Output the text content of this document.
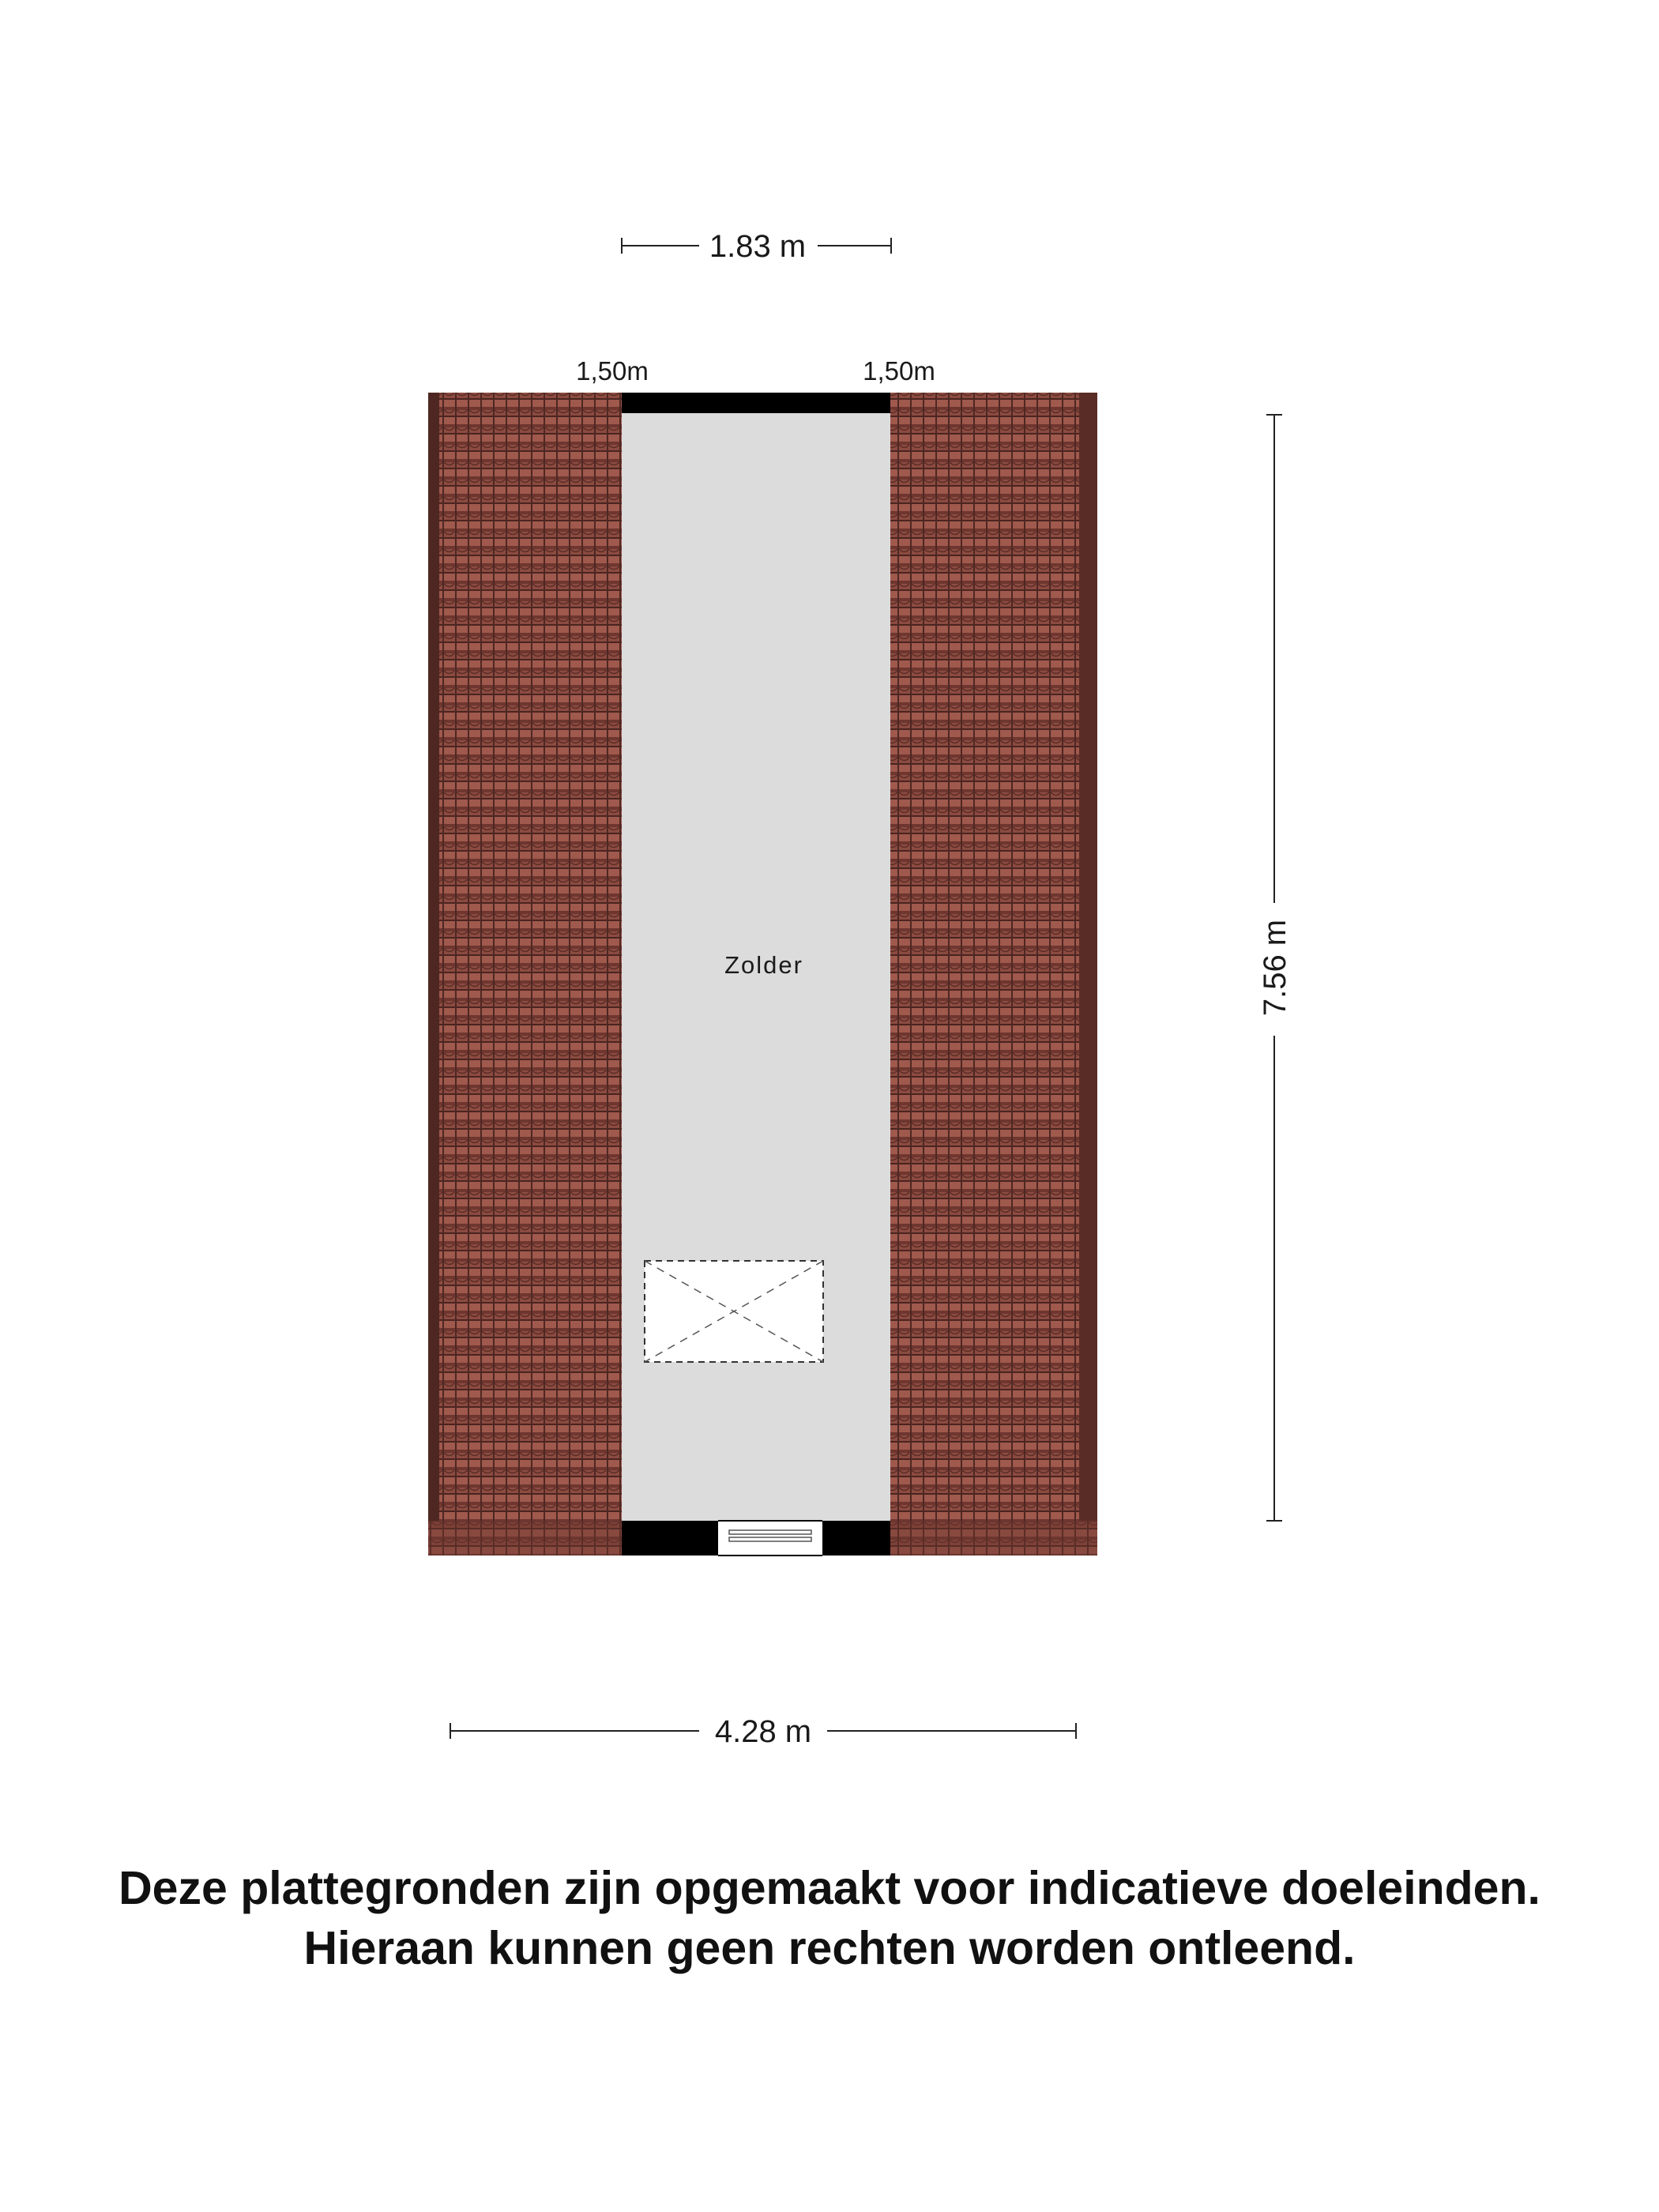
1.83 m
1,50m	1,50m
Zolder	7.56 m
4.28 m
Deze plattegronden zijn opgemaakt voor indicatieve doeleinden.
Hieraan kunnen geen rechten worden ontleend.
